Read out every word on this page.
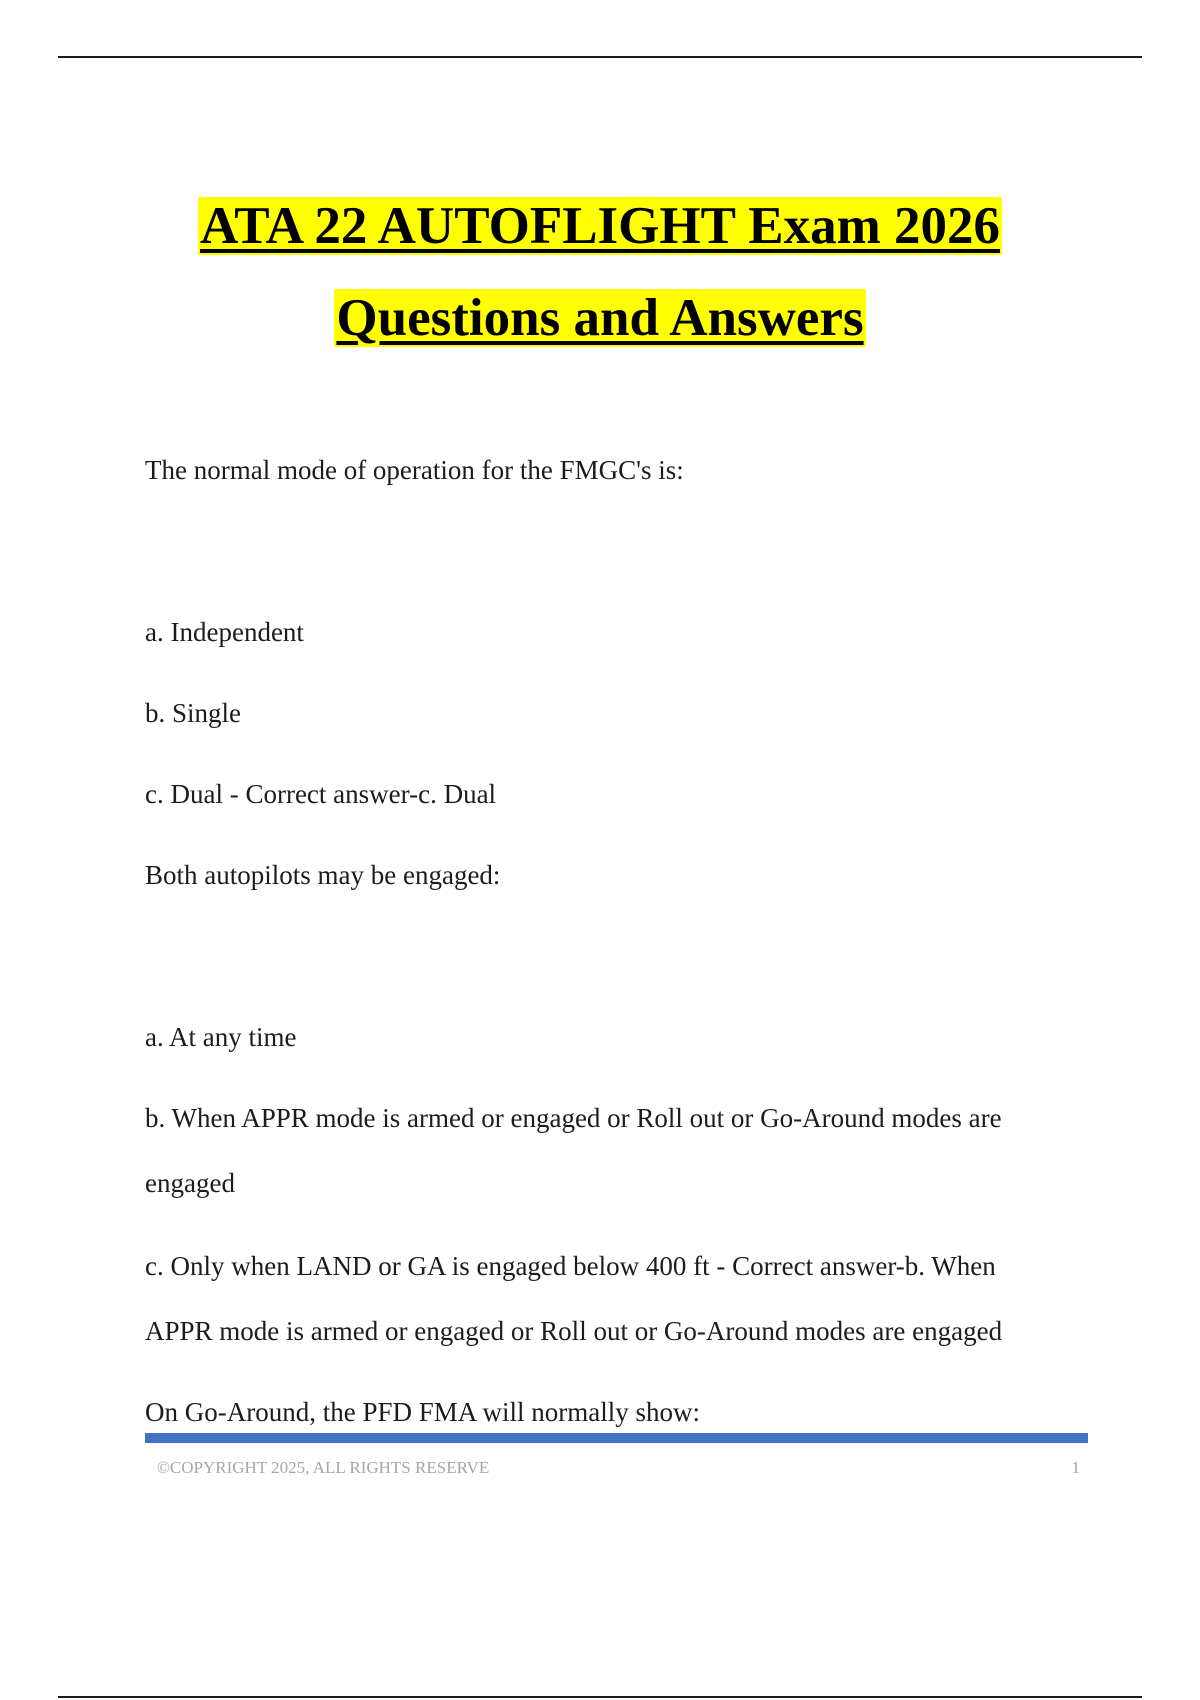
ATA 22 AUTOFLIGHT Exam 2026
Questions and Answers
The normal mode of operation for the FMGC's is:
a. Independent
b. Single
c. Dual - Correct answer-c. Dual
Both autopilots may be engaged:
a. At any time
b. When APPR mode is armed or engaged or Roll out or Go-Around modes are
engaged
c. Only when LAND or GA is engaged below 400 ft - Correct answer-b. When
APPR mode is armed or engaged or Roll out or Go-Around modes are engaged
On Go-Around, the PFD FMA will normally show:
©COPYRIGHT 2025, ALL RIGHTS RESERVE	1
